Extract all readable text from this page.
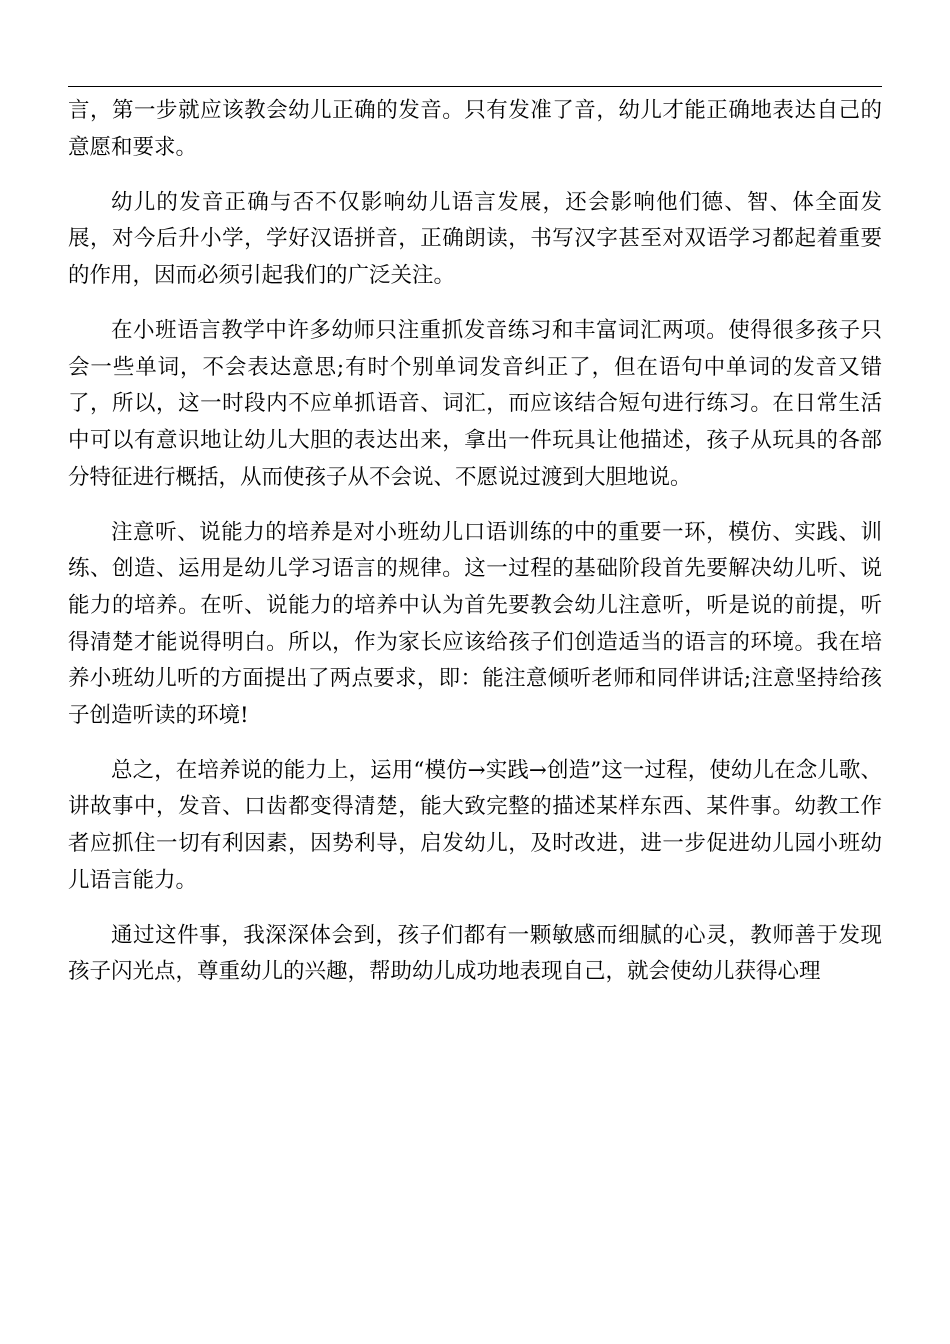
言，第一步就应该教会幼儿正确的发音。只有发准了音，幼儿才能正确地表达自己的意愿和要求。

幼儿的发音正确与否不仅影响幼儿语言发展，还会影响他们德、智、体全面发展，对今后升小学，学好汉语拼音，正确朗读，书写汉字甚至对双语学习都起着重要的作用，因而必须引起我们的广泛关注。

在小班语言教学中许多幼师只注重抓发音练习和丰富词汇两项。使得很多孩子只会一些单词，不会表达意思;有时个别单词发音纠正了，但在语句中单词的发音又错了，所以，这一时段内不应单抓语音、词汇，而应该结合短句进行练习。在日常生活中可以有意识地让幼儿大胆的表达出来，拿出一件玩具让他描述，孩子从玩具的各部分特征进行概括，从而使孩子从不会说、不愿说过渡到大胆地说。

注意听、说能力的培养是对小班幼儿口语训练的中的重要一环，模仿、实践、训练、创造、运用是幼儿学习语言的规律。这一过程的基础阶段首先要解决幼儿听、说能力的培养。在听、说能力的培养中认为首先要教会幼儿注意听，听是说的前提，听得清楚才能说得明白。所以，作为家长应该给孩子们创造适当的语言的环境。我在培养小班幼儿听的方面提出了两点要求，即：能注意倾听老师和同伴讲话;注意坚持给孩子创造听读的环境!

总之，在培养说的能力上，运用“模仿→实践→创造”这一过程，使幼儿在念儿歌、讲故事中，发音、口齿都变得清楚，能大致完整的描述某样东西、某件事。幼教工作者应抓住一切有利因素，因势利导，启发幼儿，及时改进，进一步促进幼儿园小班幼儿语言能力。

通过这件事，我深深体会到，孩子们都有一颗敏感而细腻的心灵，教师善于发现孩子闪光点，尊重幼儿的兴趣，帮助幼儿成功地表现自己，就会使幼儿获得心理
